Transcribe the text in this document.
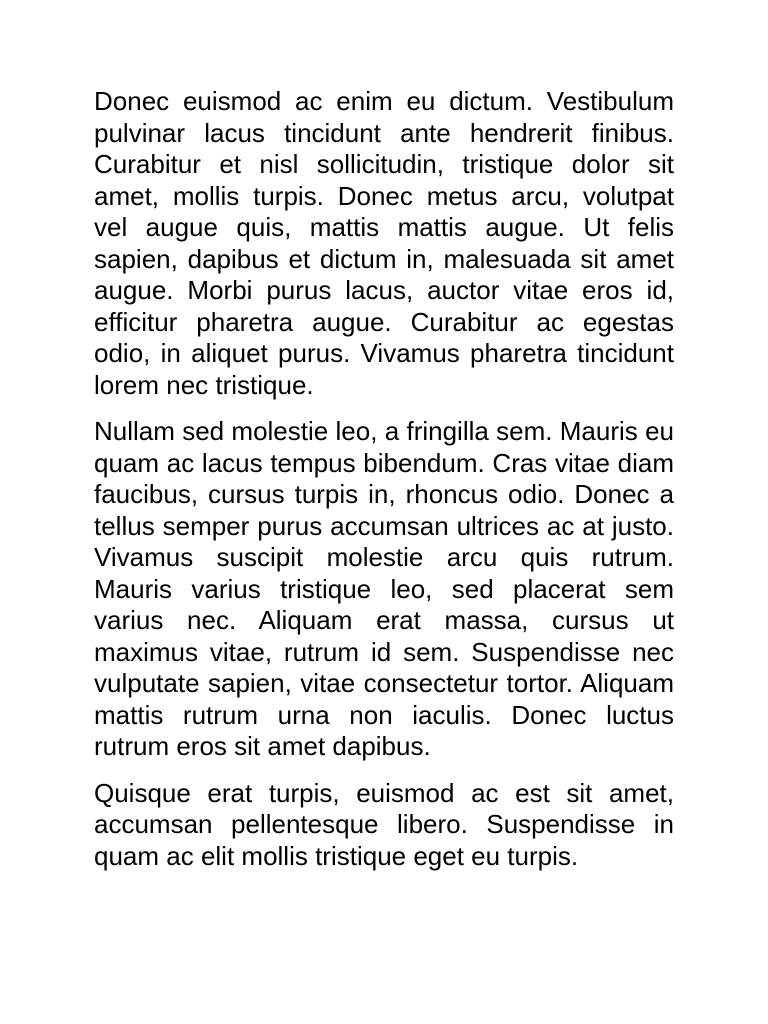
Donec euismod ac enim eu dictum. Vestibulum pulvinar lacus tincidunt ante hendrerit finibus. Curabitur et nisl sollicitudin, tristique dolor sit amet, mollis turpis. Donec metus arcu, volutpat vel augue quis, mattis mattis augue. Ut felis sapien, dapibus et dictum in, malesuada sit amet augue. Morbi purus lacus, auctor vitae eros id, efficitur pharetra augue. Curabitur ac egestas odio, in aliquet purus. Vivamus pharetra tincidunt lorem nec tristique.

Nullam sed molestie leo, a fringilla sem. Mauris eu quam ac lacus tempus bibendum. Cras vitae diam faucibus, cursus turpis in, rhoncus odio. Donec a tellus semper purus accumsan ultrices ac at justo. Vivamus suscipit molestie arcu quis rutrum. Mauris varius tristique leo, sed placerat sem varius nec. Aliquam erat massa, cursus ut maximus vitae, rutrum id sem. Suspendisse nec vulputate sapien, vitae consectetur tortor. Aliquam mattis rutrum urna non iaculis. Donec luctus rutrum eros sit amet dapibus.

Quisque erat turpis, euismod ac est sit amet, accumsan pellentesque libero. Suspendisse in quam ac elit mollis tristique eget eu turpis.
